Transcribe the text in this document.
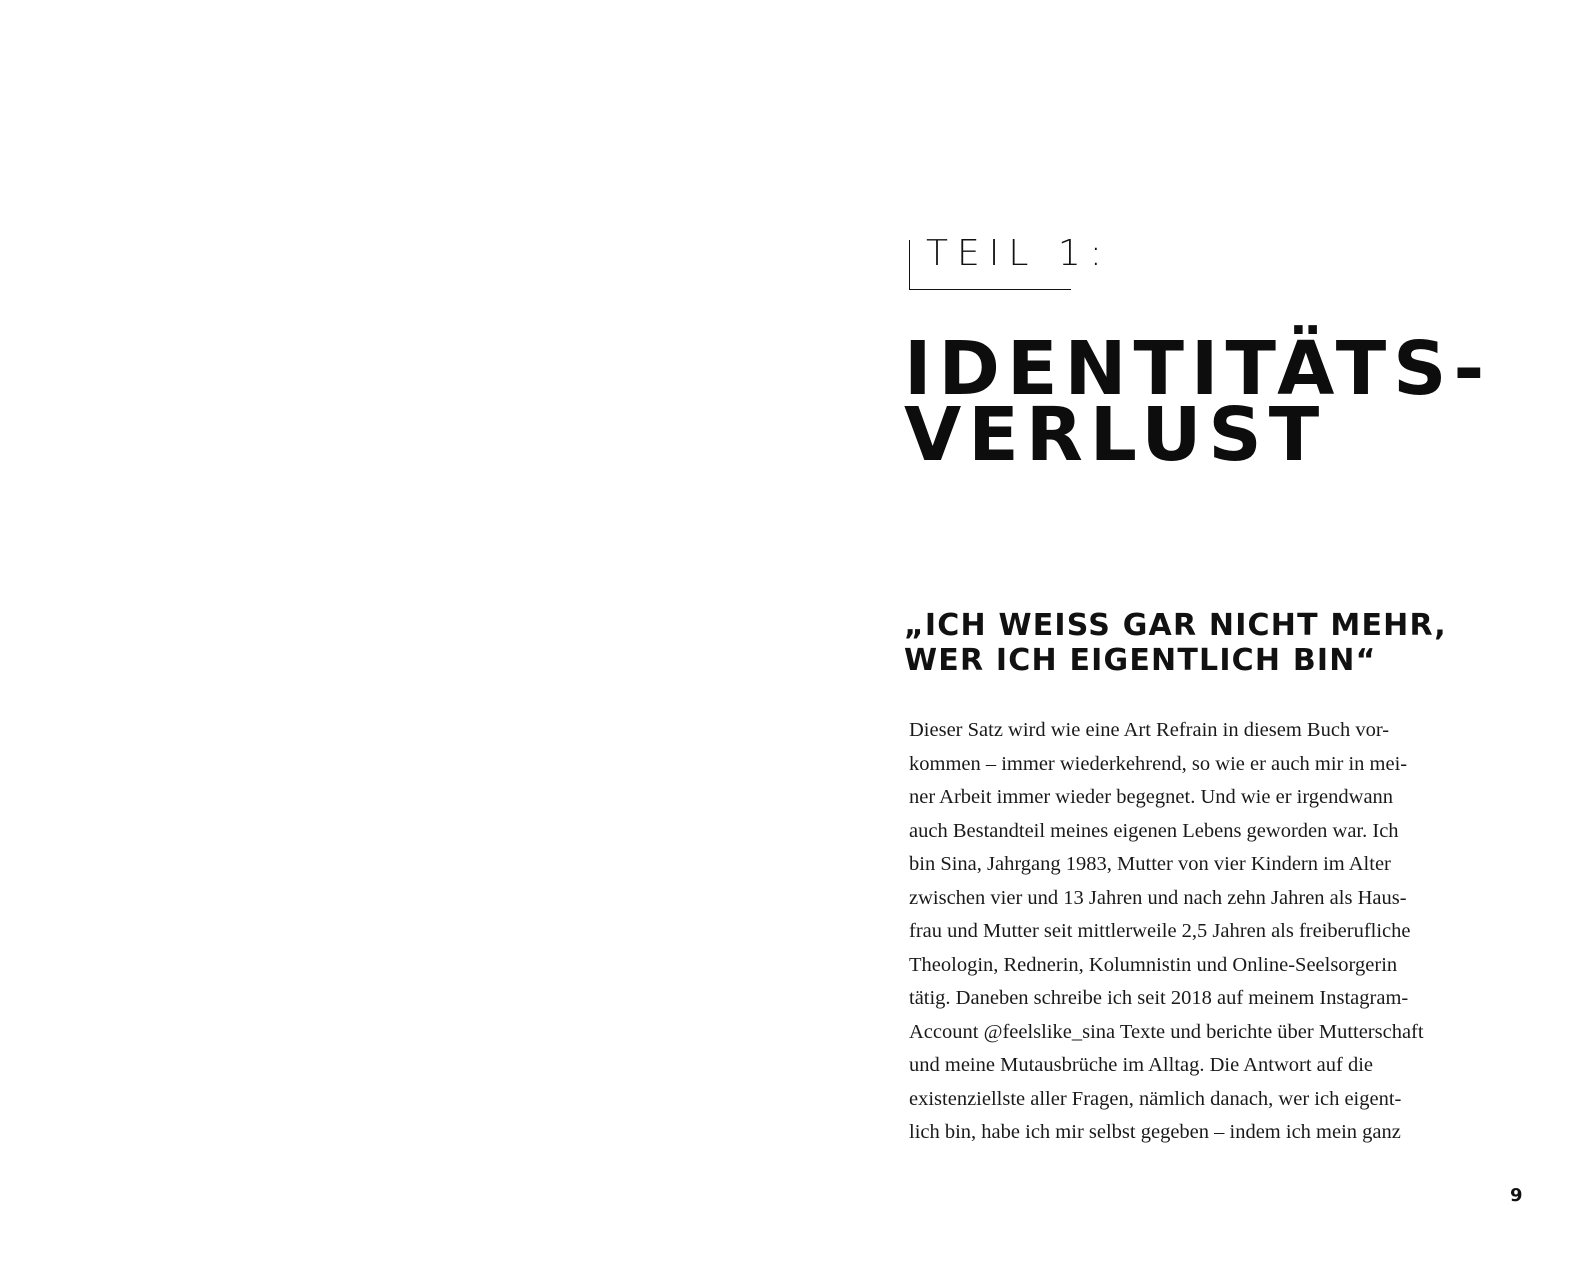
TEIL 1:
IDENTITÄTS-
VERLUST
„ICH WEISS GAR NICHT MEHR,
WER ICH EIGENTLICH BIN“
Dieser Satz wird wie eine Art Refrain in diesem Buch vor-
kommen – immer wiederkehrend, so wie er auch mir in mei-
ner Arbeit immer wieder begegnet. Und wie er irgendwann
auch Bestandteil meines eigenen Lebens geworden war. Ich
bin Sina, Jahrgang 1983, Mutter von vier Kindern im Alter
zwischen vier und 13 Jahren und nach zehn Jahren als Haus-
frau und Mutter seit mittlerweile 2,5 Jahren als freiberufliche
Theologin, Rednerin, Kolumnistin und Online-Seelsorgerin
tätig. Daneben schreibe ich seit 2018 auf meinem Instagram-
Account @feelslike_sina Texte und berichte über Mutterschaft
und meine Mutausbrüche im Alltag. Die Antwort auf die
existenziellste aller Fragen, nämlich danach, wer ich eigent-
lich bin, habe ich mir selbst gegeben – indem ich mein ganz
9
